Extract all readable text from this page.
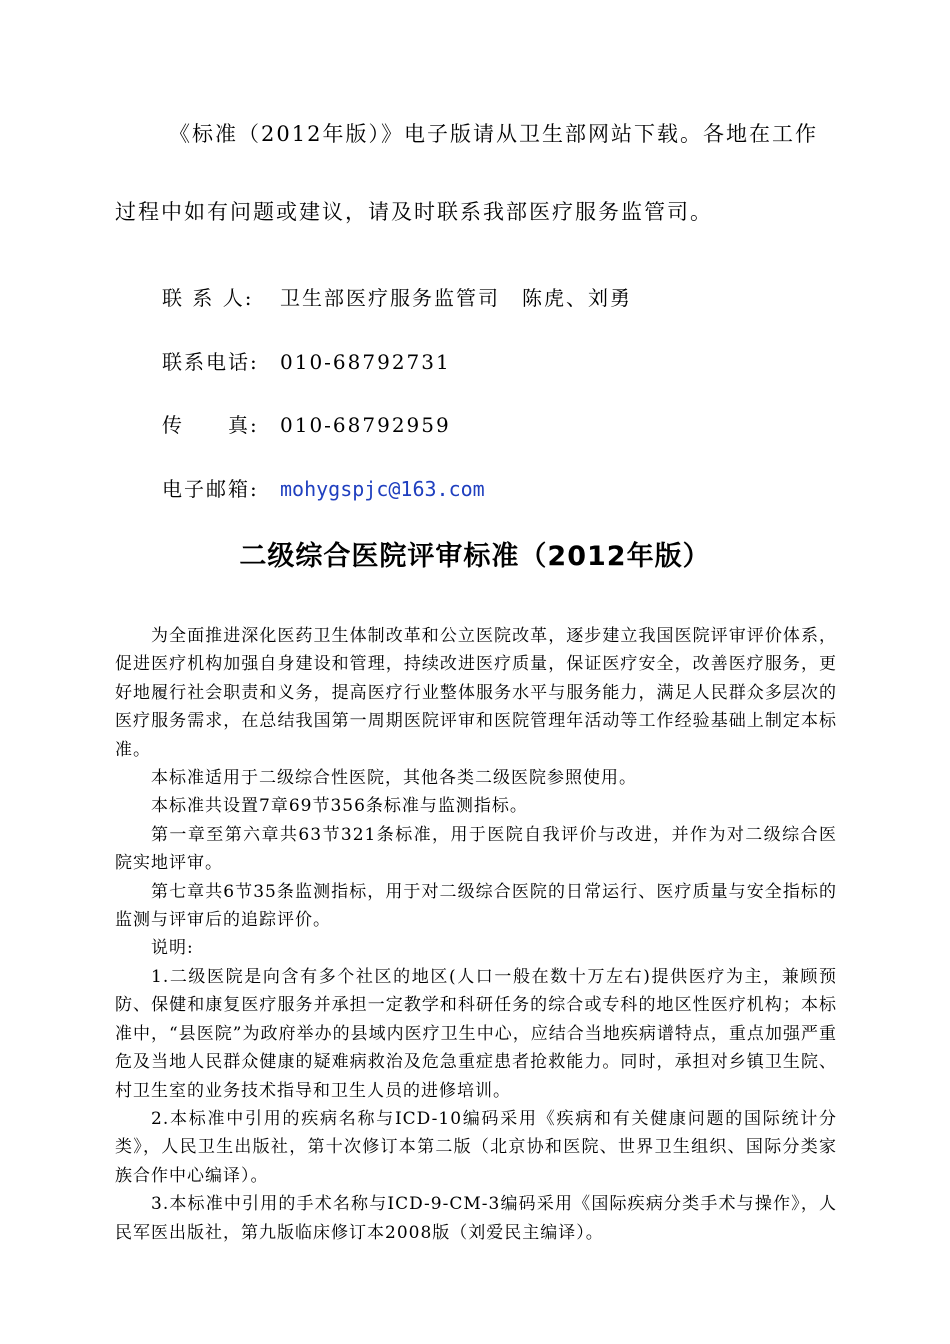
《标准（2012年版）》电子版请从卫生部网站下载。各地在工作
过程中如有问题或建议，请及时联系我部医疗服务监管司。
联 系 人: 卫生部医疗服务监管司　陈虎、刘勇
联系电话: 010-68792731
传　　真: 010-68792959
电子邮箱: mohygspjc@163.com
二级综合医院评审标准（2012年版）

为全面推进深化医药卫生体制改革和公立医院改革，逐步建立我国医院评审评价体系，促进医疗机构加强自身建设和管理，持续改进医疗质量，保证医疗安全，改善医疗服务，更好地履行社会职责和义务，提高医疗行业整体服务水平与服务能力，满足人民群众多层次的医疗服务需求，在总结我国第一周期医院评审和医院管理年活动等工作经验基础上制定本标准。

本标准适用于二级综合性医院，其他各类二级医院参照使用。

本标准共设置7章69节356条标准与监测指标。

第一章至第六章共63节321条标准，用于医院自我评价与改进，并作为对二级综合医院实地评审。

第七章共6节35条监测指标，用于对二级综合医院的日常运行、医疗质量与安全指标的监测与评审后的追踪评价。

说明:

1.二级医院是向含有多个社区的地区(人口一般在数十万左右)提供医疗为主，兼顾预防、保健和康复医疗服务并承担一定教学和科研任务的综合或专科的地区性医疗机构；本标准中，“县医院”为政府举办的县域内医疗卫生中心，应结合当地疾病谱特点，重点加强严重危及当地人民群众健康的疑难病救治及危急重症患者抢救能力。同时，承担对乡镇卫生院、村卫生室的业务技术指导和卫生人员的进修培训。

2.本标准中引用的疾病名称与ICD-10编码采用《疾病和有关健康问题的国际统计分类》，人民卫生出版社，第十次修订本第二版（北京协和医院、世界卫生组织、国际分类家族合作中心编译）。

3.本标准中引用的手术名称与ICD-9-CM-3编码采用《国际疾病分类手术与操作》，人民军医出版社，第九版临床修订本2008版（刘爱民主编译）。
